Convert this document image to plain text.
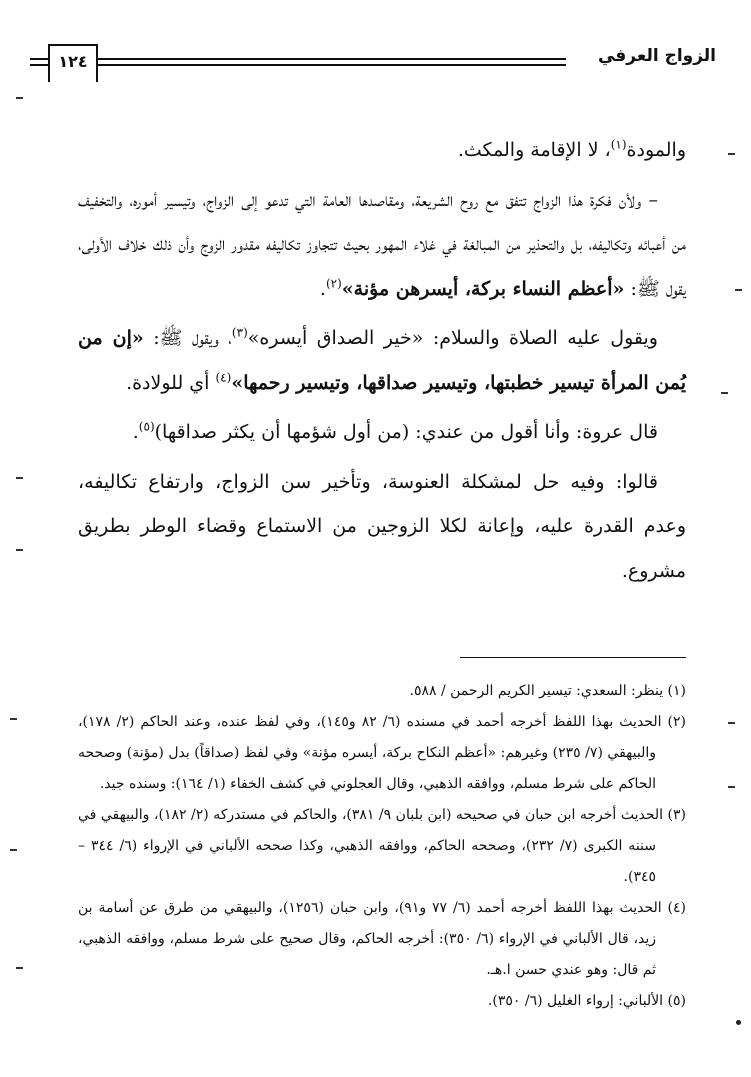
الزواج العرفي
١٢٤

والمودة$^{(١)}$، لا الإقامة والمكث.

– ولأن فكرة هذا الزواج تتفق مع روح الشريعة، ومقاصدها العامة التي تدعو إلى الزواج، وتيسير أموره، والتخفيف من أعبائه وتكاليفه، بل والتحذير من المبالغة في غلاء المهور بحيث تتجاوز تكاليفه مقدور الزوج وأن ذلك خلاف الأولى، يقول ﷺ: «أعظم النساء بركة، أيسرهن مؤنة»$^{(٢)}$.

ويقول عليه الصلاة والسلام: «خير الصداق أيسره»$^{(٣)}$، ويقول ﷺ: «إن من يُمن المرأة تيسير خطبتها، وتيسير صداقها، وتيسير رحمها»$^{(٤)}$ أي للولادة.

قال عروة: وأنا أقول من عندي: (من أول شؤمها أن يكثر صداقها)$^{(٥)}$.

قالوا: وفيه حل لمشكلة العنوسة، وتأخير سن الزواج، وارتفاع تكاليفه، وعدم القدرة عليه، وإعانة لكلا الزوجين من الاستماع وقضاء الوطر بطريق مشروع.

(١) ينظر: السعدي: تيسير الكريم الرحمن / ٥٨٨.

(٢) الحديث بهذا اللفظ أخرجه أحمد في مسنده (٦/ ٨٢ و١٤٥)، وفي لفظ عنده، وعند الحاكم (٢/ ١٧٨)، والبيهقي (٧/ ٢٣٥) وغيرهم: «أعظم النكاح بركة، أيسره مؤنة» وفي لفظ (صداقاً) بدل (مؤنة) وصححه الحاكم على شرط مسلم، ووافقه الذهبي، وقال العجلوني في كشف الخفاء (١/ ١٦٤): وسنده جيد.

(٣) الحديث أخرجه ابن حبان في صحيحه (ابن بلبان ٩/ ٣٨١)، والحاكم في مستدركه (٢/ ١٨٢)، والبيهقي في سننه الكبرى (٧/ ٢٣٢)، وصححه الحاكم، ووافقه الذهبي، وكذا صححه الألباني في الإرواء (٦/ ٣٤٤ – ٣٤٥).

(٤) الحديث بهذا اللفظ أخرجه أحمد (٦/ ٧٧ و٩١)، وابن حبان (١٢٥٦)، والبيهقي من طرق عن أسامة بن زيد، قال الألباني في الإرواء (٦/ ٣٥٠): أخرجه الحاكم، وقال صحيح على شرط مسلم، ووافقه الذهبي، ثم قال: وهو عندي حسن ا.هـ.

(٥) الألباني: إرواء الغليل (٦/ ٣٥٠).
